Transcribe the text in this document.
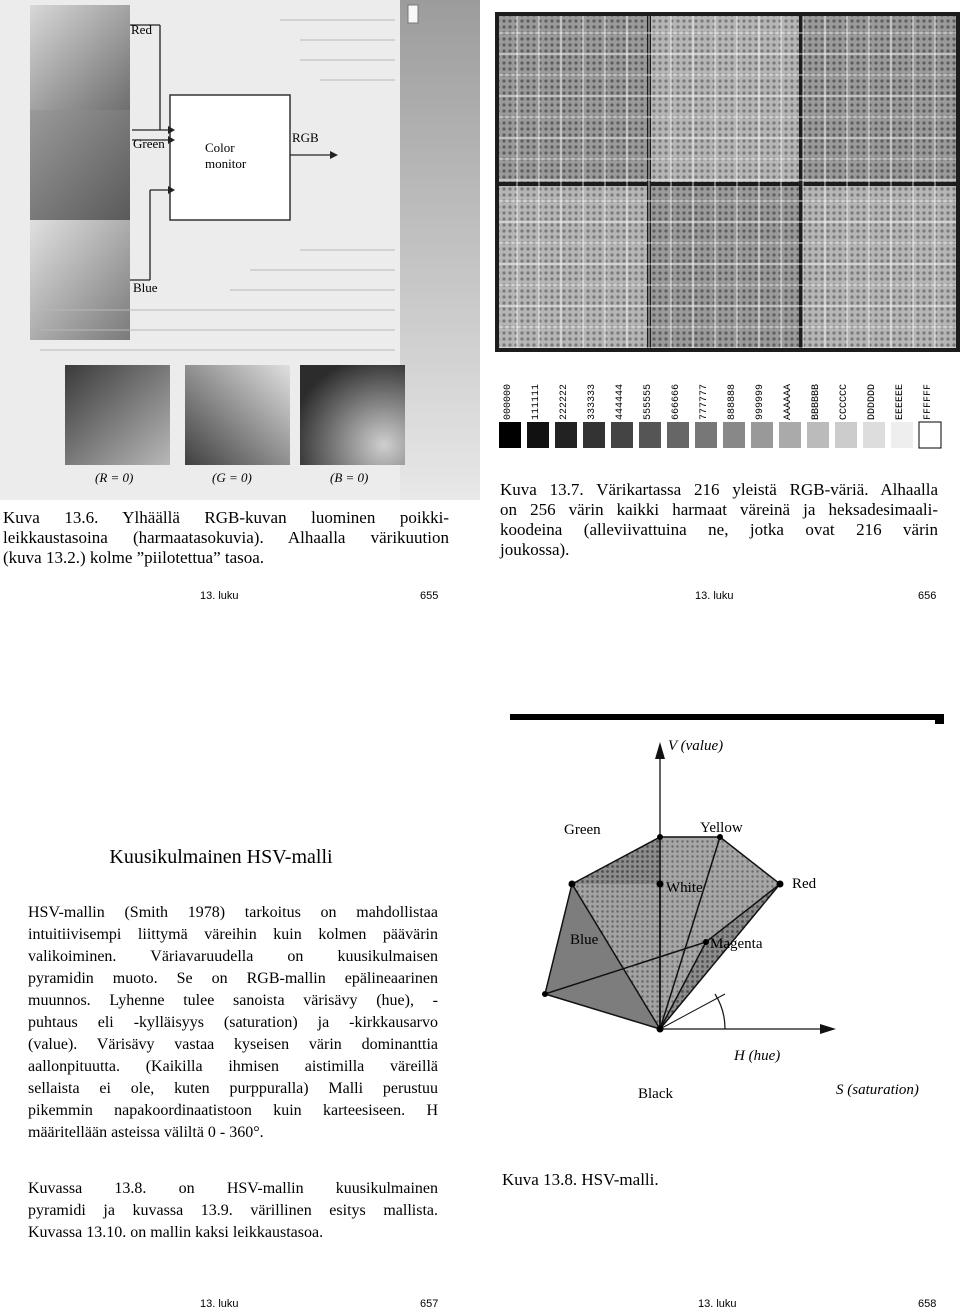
Red
Green
Blue
RGB
Color
monitor
(R = 0)	(G = 0)	(B = 0)
Kuva 13.6. Ylhäällä RGB-kuvan luominen poikki-
leikkaustasoina (harmaatasokuvia). Alhaalla värikuution
(kuva 13.2.) kolme ”piilotettua” tasoa.
13. luku	655
000000 111111 222222 333333 444444 555555 666666 777777 888888 999999 AAAAAA BBBBBB CCCCCC DDDDDD EEEEEE FFFFFF
Kuva 13.7. Värikartassa 216 yleistä RGB-väriä. Alhaalla
on 256 värin kaikki harmaat väreinä ja heksadesimaali-
koodeina (alleviivattuina ne, jotka ovat 216 värin
joukossa).
13. luku	656
Kuusikulmainen HSV-malli
HSV-mallin (Smith 1978) tarkoitus on mahdollistaa
intuitiivisempi liittymä väreihin kuin kolmen päävärin
valikoiminen. Väriavaruudella on kuusikulmaisen
pyramidin muoto. Se on RGB-mallin epälineaarinen
muunnos. Lyhenne tulee sanoista värisävy (hue), -
puhtaus eli -kylläisyys (saturation) ja -kirkkausarvo
(value). Värisävy vastaa kyseisen värin dominanttia
aallonpituutta. (Kaikilla ihmisen aistimilla väreillä
sellaista ei ole, kuten purppuralla) Malli perustuu
pikemmin napakoordinaatistoon kuin karteesiseen. H
määritellään asteissa väliltä 0 - 360°.
Kuvassa 13.8. on HSV-mallin kuusikulmainen
pyramidi ja kuvassa 13.9. värillinen esitys mallista.
Kuvassa 13.10. on mallin kaksi leikkaustasoa.
13. luku	657
V (value)
Green	Yellow
White	Red
Blue	Magenta
H (hue)
Black	S (saturation)
Kuva 13.8. HSV-malli.
13. luku	658
